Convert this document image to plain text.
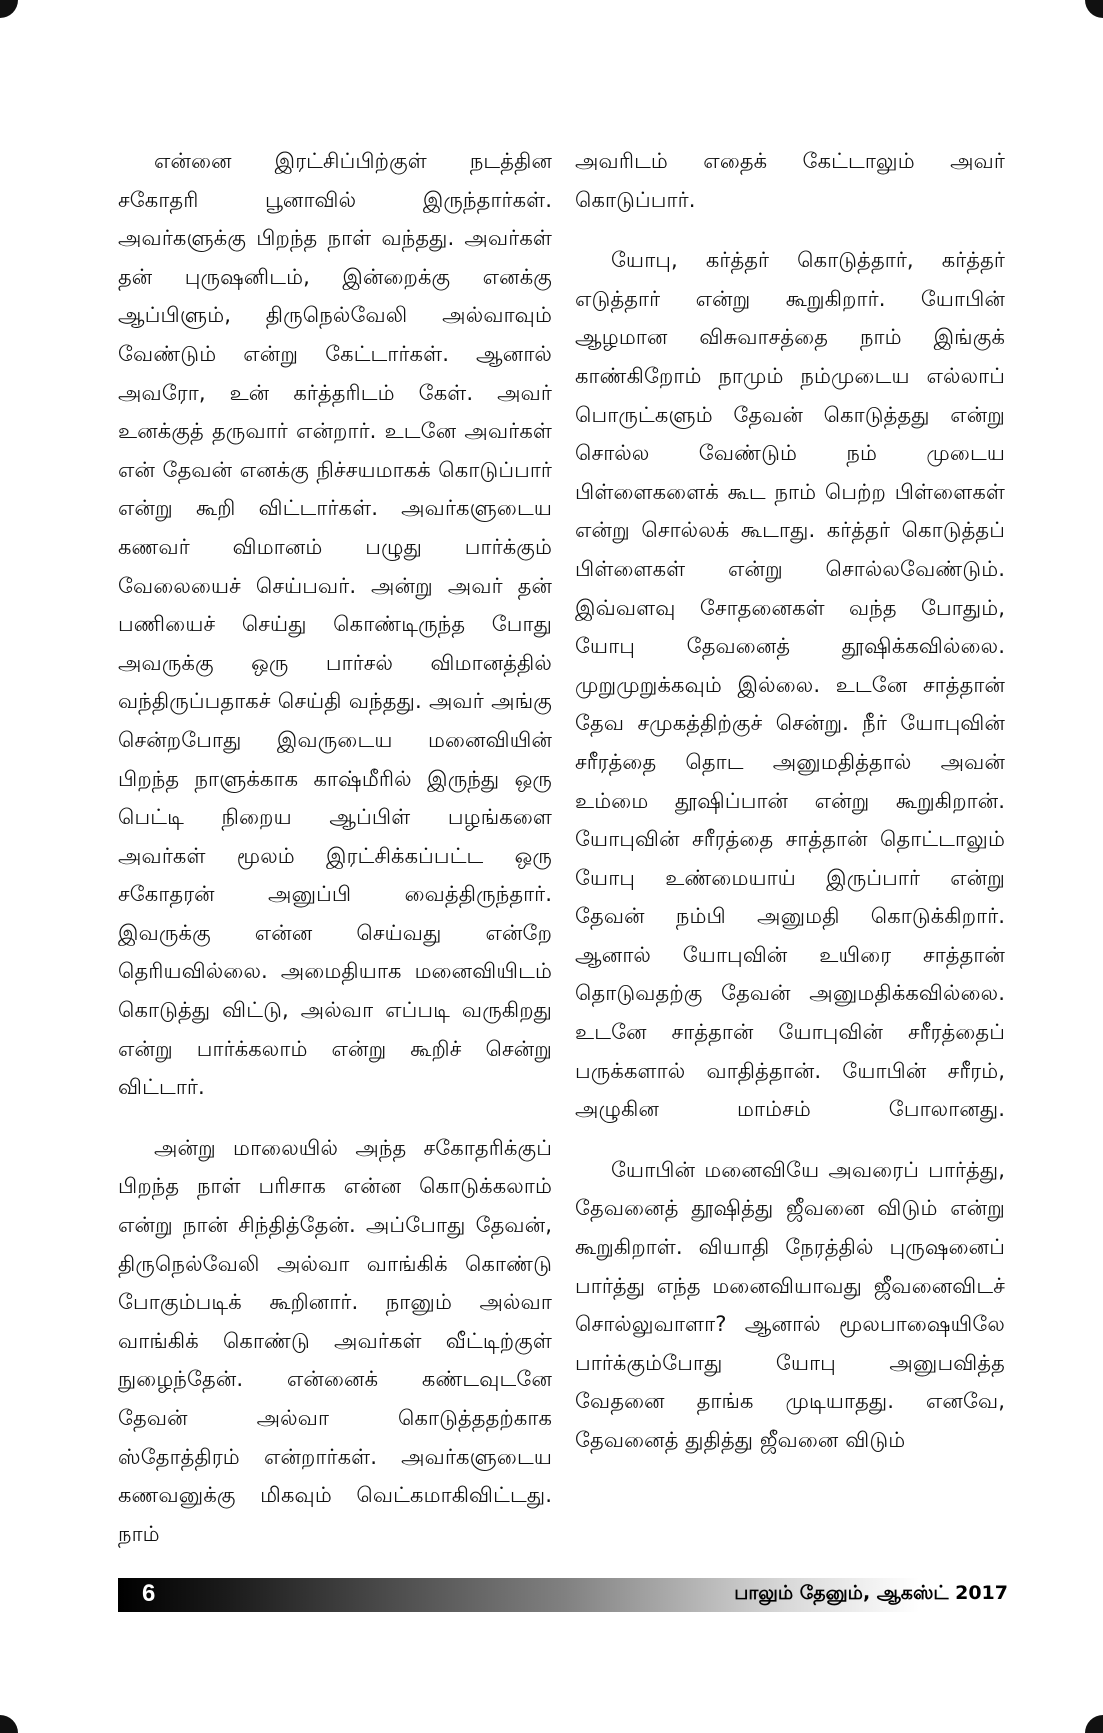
என்னை இரட்சிப்பிற்குள் நடத்தின சகோதரி பூனாவில் இருந்தார்கள். அவர்களுக்கு பிறந்த நாள் வந்தது. அவர்கள் தன் புருஷனிடம், இன்றைக்கு எனக்கு ஆப்பிளும், திருநெல்வேலி அல்வாவும் வேண்டும் என்று கேட்டார்கள். ஆனால் அவரோ, உன் கர்த்தரிடம் கேள். அவர் உனக்குத் தருவார் என்றார். உடனே அவர்கள் என் தேவன் எனக்கு நிச்சயமாகக் கொடுப்பார் என்று கூறி விட்டார்கள். அவர்களுடைய கணவர் விமானம் பழுது பார்க்கும் வேலையைச் செய்பவர். அன்று அவர் தன் பணியைச் செய்து கொண்டிருந்த போது அவருக்கு ஒரு பார்சல் விமானத்தில் வந்திருப்பதாகச் செய்தி வந்தது. அவர் அங்கு சென்றபோது இவருடைய மனைவியின் பிறந்த நாளுக்காக காஷ்மீரில் இருந்து ஒரு பெட்டி நிறைய ஆப்பிள் பழங்களை அவர்கள் மூலம் இரட்சிக்கப்பட்ட ஒரு சகோதரன் அனுப்பி வைத்திருந்தார். இவருக்கு என்ன செய்வது என்றே தெரியவில்லை. அமைதியாக மனைவியிடம் கொடுத்து விட்டு, அல்வா எப்படி வருகிறது என்று பார்க்கலாம் என்று கூறிச் சென்று விட்டார்.

அன்று மாலையில் அந்த சகோதரிக்குப் பிறந்த நாள் பரிசாக என்ன கொடுக்கலாம் என்று நான் சிந்தித்தேன். அப்போது தேவன், திருநெல்வேலி அல்வா வாங்கிக் கொண்டு போகும்படிக் கூறினார். நானும் அல்வா வாங்கிக் கொண்டு அவர்கள் வீட்டிற்குள் நுழைந்தேன். என்னைக் கண்டவுடனே தேவன் அல்வா கொடுத்ததற்காக ஸ்தோத்திரம் என்றார்கள். அவர்களுடைய கணவனுக்கு மிகவும் வெட்கமாகிவிட்டது. நாம்

அவரிடம் எதைக் கேட்டாலும் அவர் கொடுப்பார்.

யோபு, கர்த்தர் கொடுத்தார், கர்த்தர் எடுத்தார் என்று கூறுகிறார். யோபின் ஆழமான விசுவாசத்தை நாம் இங்குக் காண்கிறோம் நாமும் நம்முடைய எல்லாப் பொருட்களும் தேவன் கொடுத்தது என்று சொல்ல வேண்டும் நம் முடைய பிள்ளைகளைக் கூட நாம் பெற்ற பிள்ளைகள் என்று சொல்லக் கூடாது. கர்த்தர் கொடுத்தப் பிள்ளைகள் என்று சொல்லவேண்டும். இவ்வளவு சோதனைகள் வந்த போதும், யோபு தேவனைத் தூஷிக்கவில்லை. முறுமுறுக்கவும் இல்லை. உடனே சாத்தான் தேவ சமுகத்திற்குச் சென்று. நீர் யோபுவின் சரீரத்தை தொட அனுமதித்தால் அவன் உம்மை தூஷிப்பான் என்று கூறுகிறான். யோபுவின் சரீரத்தை சாத்தான் தொட்டாலும் யோபு உண்மையாய் இருப்பார் என்று தேவன் நம்பி அனுமதி கொடுக்கிறார். ஆனால் யோபுவின் உயிரை சாத்தான் தொடுவதற்கு தேவன் அனுமதிக்கவில்லை. உடனே சாத்தான் யோபுவின் சரீரத்தைப் பருக்களால் வாதித்தான். யோபின் சரீரம், அழுகின மாம்சம் போலானது.

யோபின் மனைவியே அவரைப் பார்த்து, தேவனைத் தூஷித்து ஜீவனை விடும் என்று கூறுகிறாள். வியாதி நேரத்தில் புருஷனைப் பார்த்து எந்த மனைவியாவது ஜீவனைவிடச் சொல்லுவாளா? ஆனால் மூலபாஷையிலே பார்க்கும்போது யோபு அனுபவித்த வேதனை தாங்க முடியாதது. எனவே, தேவனைத் துதித்து ஜீவனை விடும்

6	பாலும் தேனும், ஆகஸ்ட் 2017
